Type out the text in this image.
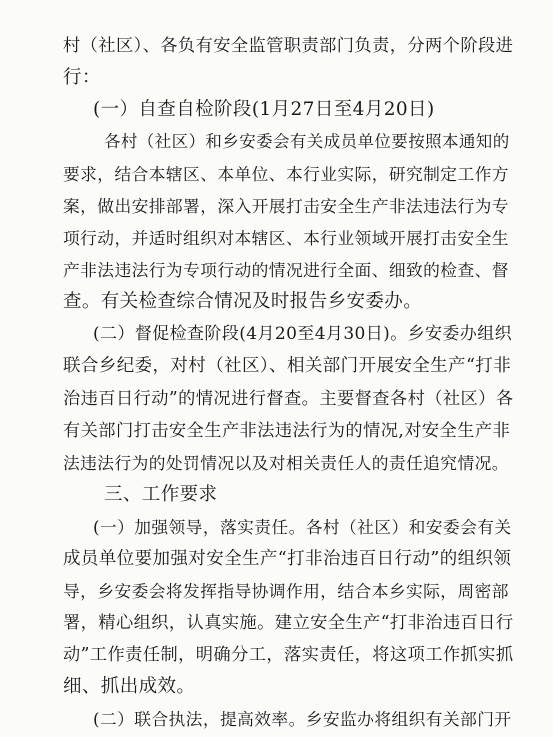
村（社区）、各负有安全监管职责部门负责，分两个阶段进
行：
(一）自查自检阶段(1月27日至4月20日)
各村（社区）和乡安委会有关成员单位要按照本通知的
要求，结合本辖区、本单位、本行业实际，研究制定工作方
案，做出安排部署，深入开展打击安全生产非法违法行为专
项行动，并适时组织对本辖区、本行业领域开展打击安全生
产非法违法行为专项行动的情况进行全面、细致的检查、督
查。有关检查综合情况及时报告乡安委办。
(二）督促检查阶段(4月20至4月30日)。乡安委办组织
联合乡纪委，对村（社区）、相关部门开展安全生产“打非
治违百日行动”的情况进行督查。主要督查各村（社区）各
有关部门打击安全生产非法违法行为的情况,对安全生产非
法违法行为的处罚情况以及对相关责任人的责任追究情况。
三、工作要求
(一）加强领导，落实责任。各村（社区）和安委会有关
成员单位要加强对安全生产“打非治违百日行动”的组织领
导，乡安委会将发挥指导协调作用，结合本乡实际，周密部
署，精心组织，认真实施。建立安全生产“打非治违百日行
动”工作责任制，明确分工，落实责任，将这项工作抓实抓
细、抓出成效。
(二）联合执法，提高效率。乡安监办将组织有关部门开
